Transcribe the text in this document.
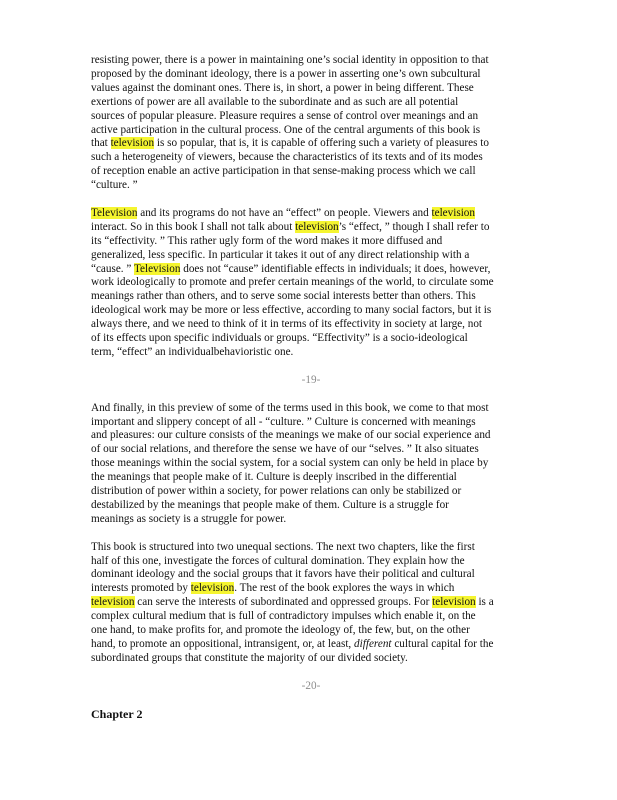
resisting power, there is a power in maintaining one’s social identity in opposition to that
proposed by the dominant ideology, there is a power in asserting one’s own subcultural
values against the dominant ones. There is, in short, a power in being different. These
exertions of power are all available to the subordinate and as such are all potential
sources of popular pleasure. Pleasure requires a sense of control over meanings and an
active participation in the cultural process. One of the central arguments of this book is
that television is so popular, that is, it is capable of offering such a variety of pleasures to
such a heterogeneity of viewers, because the characteristics of its texts and of its modes
of reception enable an active participation in that sense-making process which we call
“culture. ”
Television and its programs do not have an “effect” on people. Viewers and television
interact. So in this book I shall not talk about television’s “effect, ” though I shall refer to
its “effectivity. ” This rather ugly form of the word makes it more diffused and
generalized, less specific. In particular it takes it out of any direct relationship with a
“cause. ” Television does not “cause” identifiable effects in individuals; it does, however,
work ideologically to promote and prefer certain meanings of the world, to circulate some
meanings rather than others, and to serve some social interests better than others. This
ideological work may be more or less effective, according to many social factors, but it is
always there, and we need to think of it in terms of its effectivity in society at large, not
of its effects upon specific individuals or groups. “Effectivity” is a socio-ideological
term, “effect” an individualbehavioristic one.
-19-
And finally, in this preview of some of the terms used in this book, we come to that most
important and slippery concept of all - “culture. ” Culture is concerned with meanings
and pleasures: our culture consists of the meanings we make of our social experience and
of our social relations, and therefore the sense we have of our “selves. ” It also situates
those meanings within the social system, for a social system can only be held in place by
the meanings that people make of it. Culture is deeply inscribed in the differential
distribution of power within a society, for power relations can only be stabilized or
destabilized by the meanings that people make of them. Culture is a struggle for
meanings as society is a struggle for power.
This book is structured into two unequal sections. The next two chapters, like the first
half of this one, investigate the forces of cultural domination. They explain how the
dominant ideology and the social groups that it favors have their political and cultural
interests promoted by television. The rest of the book explores the ways in which
television can serve the interests of subordinated and oppressed groups. For television is a
complex cultural medium that is full of contradictory impulses which enable it, on the
one hand, to make profits for, and promote the ideology of, the few, but, on the other
hand, to promote an oppositional, intransigent, or, at least, different cultural capital for the
subordinated groups that constitute the majority of our divided society.
-20-

Chapter 2
